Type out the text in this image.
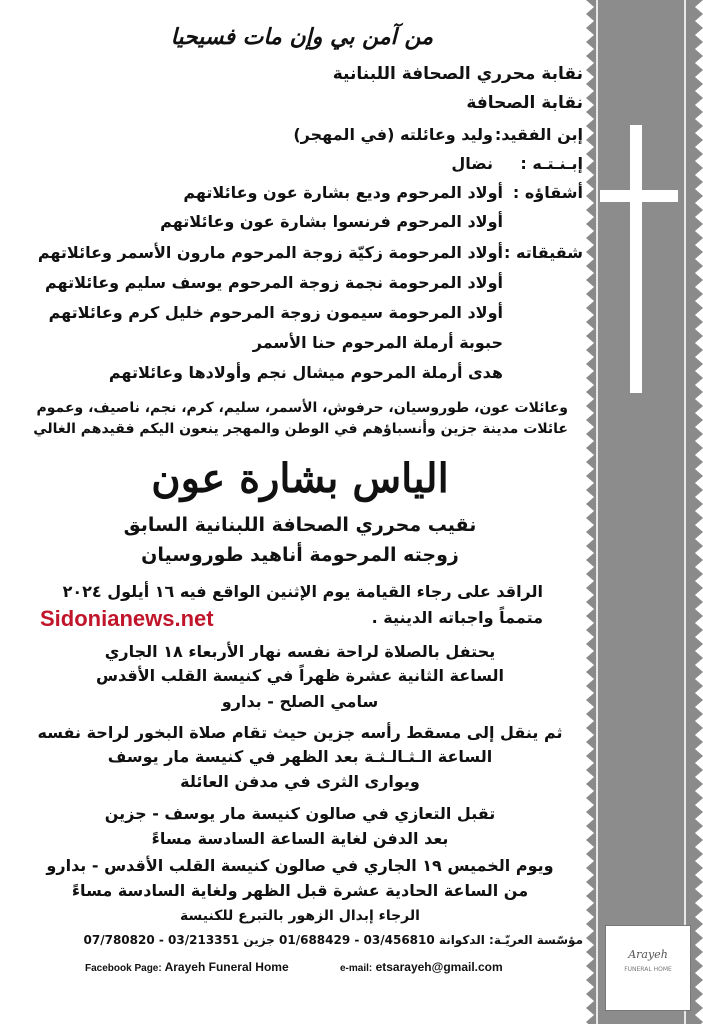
Arayeh
FUNERAL HOME
من آمن بي وإن مات فسيحيا
نقابة محرري الصحافة اللبنانية
نقابة الصحافة
إبن الفقيد:
وليد وعائلته (في المهجر)
إبـنـتـه :
نضال
أشقاؤه :
أولاد المرحوم وديع بشارة عون وعائلاتهم
أولاد المرحوم فرنسوا بشارة عون وعائلاتهم
شقيقاته :
أولاد المرحومة زكيّة زوجة المرحوم مارون الأسمر وعائلاتهم
أولاد المرحومة نجمة زوجة المرحوم يوسف سليم وعائلاتهم
أولاد المرحومة سيمون زوجة المرحوم خليل كرم وعائلاتهم
حبوبة أرملة المرحوم حنا الأسمر
هدى أرملة المرحوم ميشال نجم وأولادها وعائلاتهم
وعائلات عون، طوروسيان، حرفوش، الأسمر، سليم، كرم، نجم، ناصيف، وعموم
عائلات مدينة جزين وأنسباؤهم في الوطن والمهجر ينعون اليكم فقيدهم الغالي
الياس بشارة عون
نقيب محرري الصحافة اللبنانية السابق
زوجته المرحومة أناهيد طوروسيان
الراقد على رجاء القيامة يوم الإثنين الواقع فيه ١٦ أيلول ٢٠٢٤
متمماً واجباته الدينية .
Sidonianews.net
يحتفل بالصلاة لراحة نفسه نهار الأربعاء ١٨ الجاري
الساعة الثانية عشرة ظهراً في كنيسة القلب الأقدس
سامي الصلح - بدارو
ثم ينقل إلى مسقط رأسه جزين حيث تقام صلاة البخور لراحة نفسه
الساعة الـثـالـثـة بعد الظهر في كنيسة مار يوسف
ويوارى الثرى في مدفن العائلة
تقبل التعازي في صالون كنيسة مار يوسف - جزين
بعد الدفن لغاية الساعة السادسة مساءً
ويوم الخميس ١٩ الجاري في صالون كنيسة القلب الأقدس - بدارو
من الساعة الحادية عشرة قبل الظهر ولغاية السادسة مساءً
الرجاء إبدال الزهور بالتبرع للكنيسة
مؤسّسة العريّـة: الدكوانة 03/456810 - 01/688429 جزين 03/213351 - 07/780820
Facebook Page: Arayeh Funeral Home	e-mail: etsarayeh@gmail.com
